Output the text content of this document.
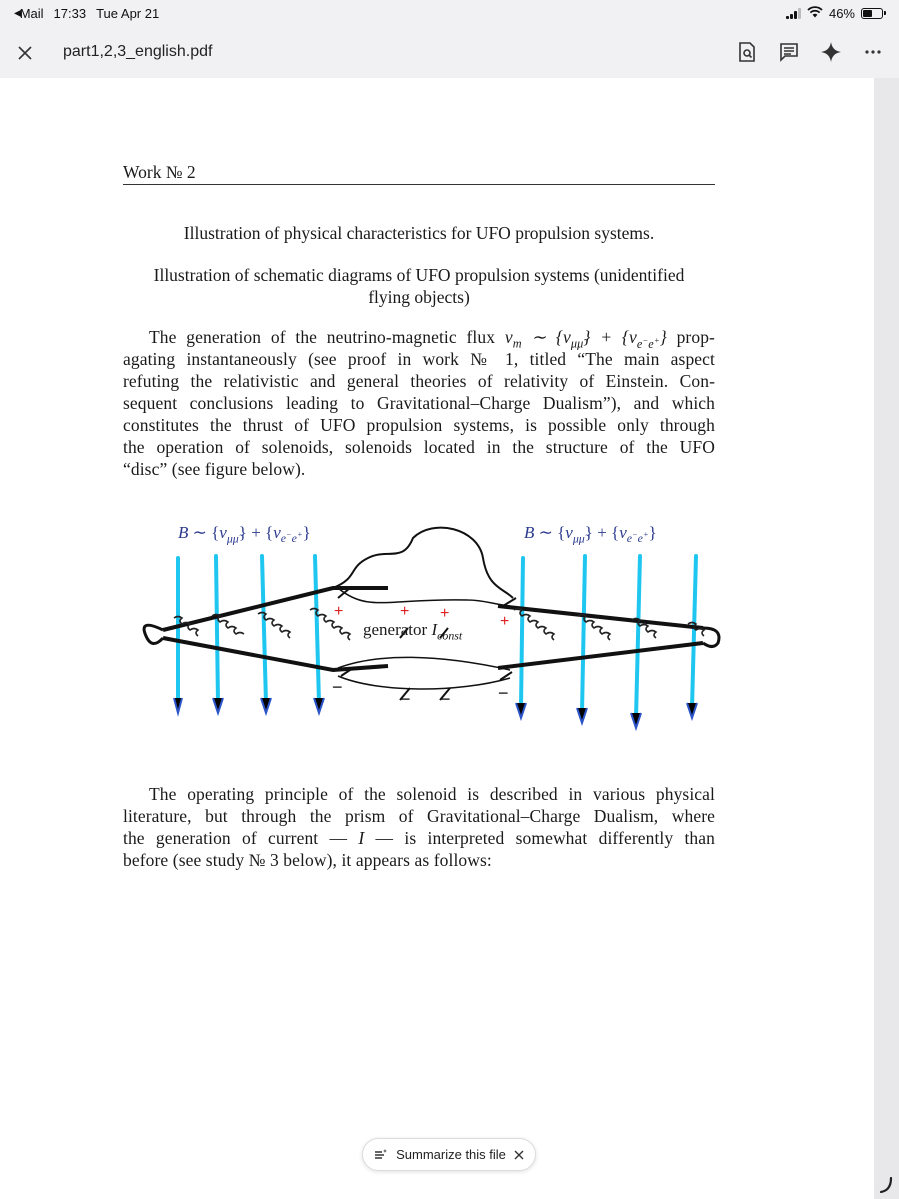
◀
Mail 17:33 Tue Apr 21	46%
part1,2,3_english.pdf
Work № 2
Illustration of physical characteristics for UFO propulsion systems.
Illustration of schematic diagrams of UFO propulsion systems (unidentified
flying objects)
The generation of the neutrino-magnetic flux $\nu_m$ ∼ $\{\nu_{\mu\mũ}\} + \{\nu_{e^-e^+}\}$ prop-
agating instantaneously (see proof in work № 1, titled “The main aspect
refuting the relativistic and general theories of relativity of Einstein. Con-
sequent conclusions leading to Gravitational–Charge Dualism”), and which
constitutes the thrust of UFO propulsion systems, is possible only through
the operation of solenoids, solenoids located in the structure of the UFO
“disc” (see figure below).
The operating principle of the solenoid is described in various physical
literature, but through the prism of Gravitational–Charge Dualism, where
the generation of current — I — is interpreted somewhat differently than
before (see study № 3 below), it appears as follows:
B ∼ $\{\nu_{\mu\mũ}\} + \{\nu_{e^-e^+}\}$	B ∼ $\{\nu_{\mu\mũ}\} + \{\nu_{e^-e^+}\}$
+	+ +	+
−
− −	−
generator $I_{const}$
Summarize this file
